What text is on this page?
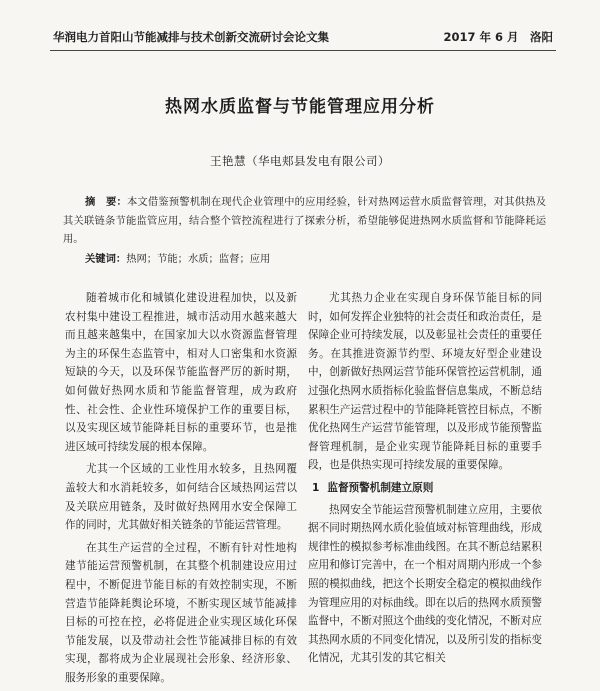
华润电力首阳山节能减排与技术创新交流研讨会论文集	2017 年 6 月　洛阳
热网水质监督与节能管理应用分析
王艳慧（华电郏县发电有限公司）
摘　要：本文借鉴预警机制在现代企业管理中的应用经验，针对热网运营水质监督管理，对其供热及其关联链条节能监管应用，结合整个管控流程进行了探索分析，希望能够促进热网水质监督和节能降耗运用。
关键词：热网；节能；水质；监督；应用

随着城市化和城镇化建设进程加快，以及新农村集中建设工程推进，城市活动用水越来越大而且越来越集中，在国家加大以水资源监督管理为主的环保生态监管中，相对人口密集和水资源短缺的今天，以及环保节能监督严厉的新时期，如何做好热网水质和节能监督管理，成为政府性、社会性、企业性环境保护工作的重要目标，以及实现区域节能降耗目标的重要环节，也是推进区域可持续发展的根本保障。

尤其一个区域的工业性用水较多，且热网覆盖较大和水消耗较多，如何结合区域热网运营以及关联应用链条，及时做好热网用水安全保障工作的同时，尤其做好相关链条的节能运营管理。

在其生产运营的全过程，不断有针对性地构建节能运营预警机制，在其整个机制建设应用过程中，不断促进节能目标的有效控制实现，不断营造节能降耗舆论环境，不断实现区域节能减排目标的可控在控，必将促进企业实现区域化环保节能发展，以及带动社会性节能减排目标的有效实现，都将成为企业展现社会形象、经济形象、服务形象的重要保障。

尤其热力企业在实现自身环保节能目标的同时，如何发挥企业独特的社会责任和政治责任，是保障企业可持续发展，以及彰显社会责任的重要任务。在其推进资源节约型、环境友好型企业建设中，创新做好热网运营节能环保管控运营机制，通过强化热网水质指标化验监督信息集成，不断总结累积生产运营过程中的节能降耗管控目标点，不断优化热网生产运营节能管理，以及形成节能预警监督管理机制，是企业实现节能降耗目标的重要手段，也是供热实现可持续发展的重要保障。

1 监督预警机制建立原则

热网安全节能运营预警机制建立应用，主要依据不同时期热网水质化验值域对标管理曲线，形成规律性的模拟参考标准曲线图。在其不断总结累积应用和修订完善中，在一个相对周期内形成一个参照的模拟曲线，把这个长期安全稳定的模拟曲线作为管理应用的对标曲线。即在以后的热网水质预警监督中，不断对照这个曲线的变化情况，不断对应其热网水质的不同变化情况，以及所引发的指标变化情况，尤其引发的其它相关
